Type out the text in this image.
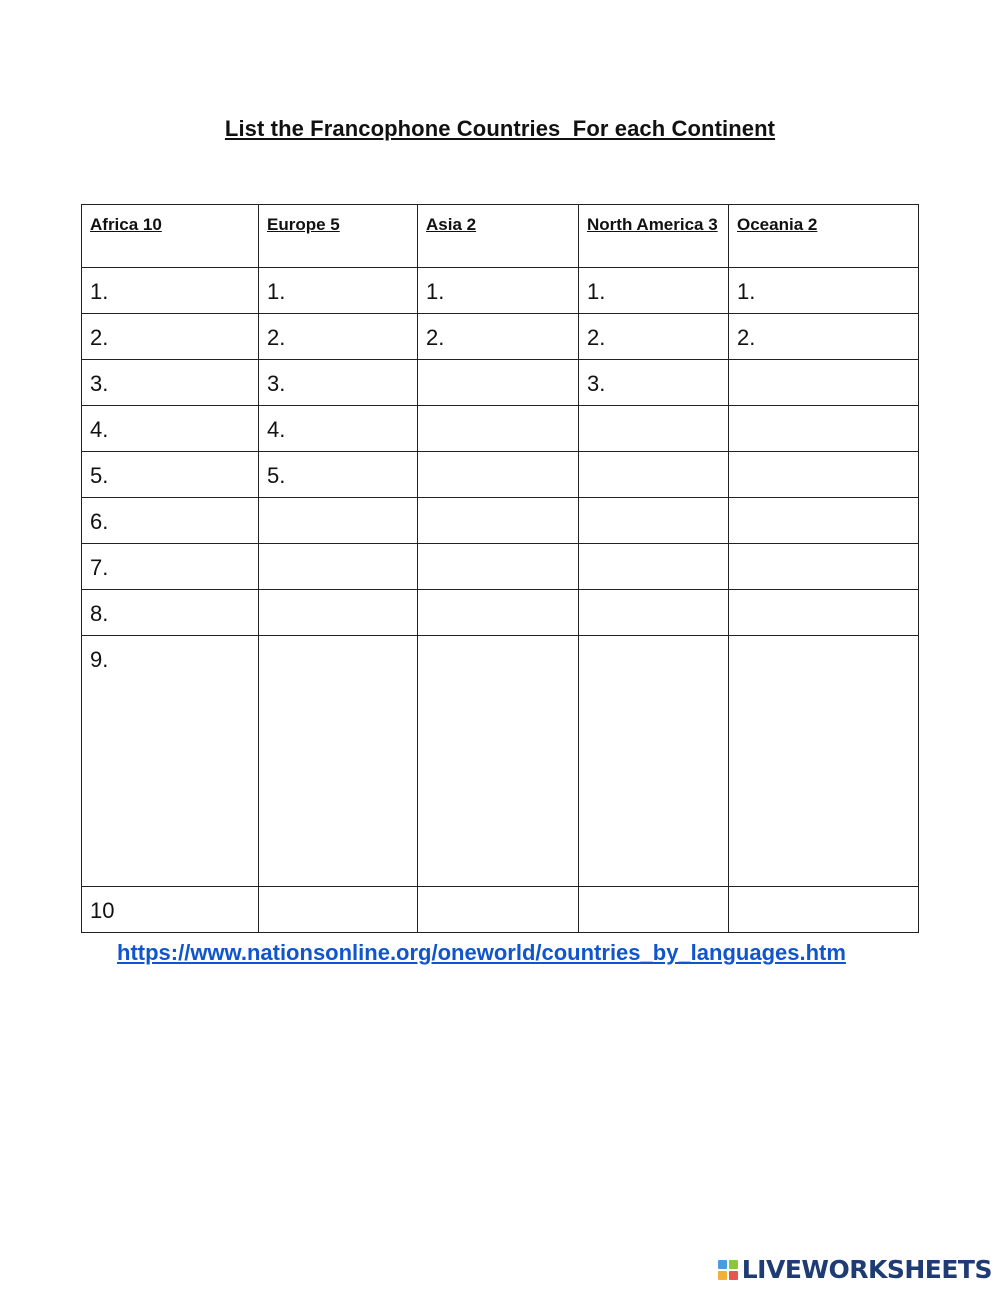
List the Francophone Countries  For each Continent
Africa 10	Europe 5	Asia 2	North America 3	Oceania 2
1.	1.	1.	1.	1.
2.	2.	2.	2.	2.
3.	3.		3.	
4.	4.			
5.	5.			
6.				
7.				
8.				
9.				
10				
https://www.nationsonline.org/oneworld/countries_by_languages.htm
LIVEWORKSHEETS
